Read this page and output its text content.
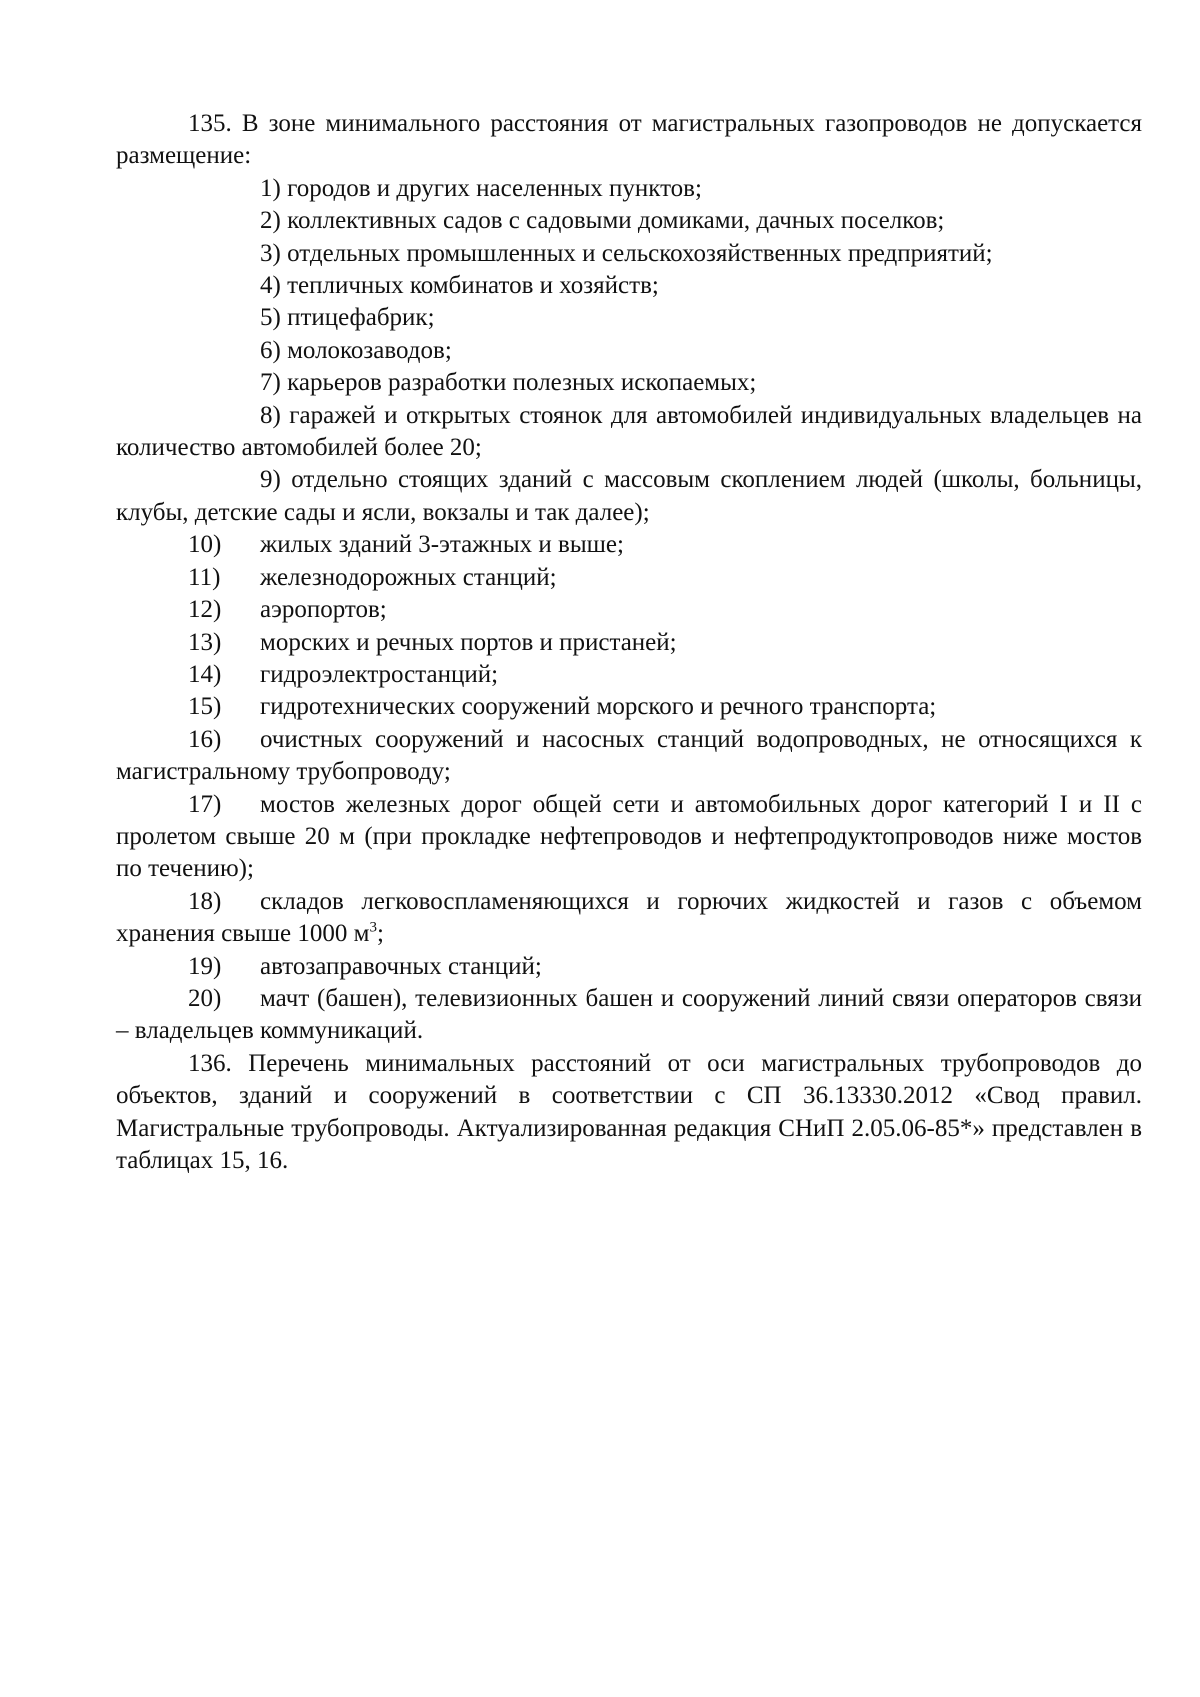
135. В зоне минимального расстояния от магистральных газопроводов не допускается размещение:

1) городов и других населенных пунктов;

2) коллективных садов с садовыми домиками, дачных поселков;

3) отдельных промышленных и сельскохозяйственных предприятий;

4) тепличных комбинатов и хозяйств;

5) птицефабрик;

6) молокозаводов;

7) карьеров разработки полезных ископаемых;

8) гаражей и открытых стоянок для автомобилей индивидуальных владельцев на количество автомобилей более 20;

9) отдельно стоящих зданий с массовым скоплением людей (школы, больницы, клубы, детские сады и ясли, вокзалы и так далее);

10) жилых зданий 3-этажных и выше;

11) железнодорожных станций;

12) аэропортов;

13) морских и речных портов и пристаней;

14) гидроэлектростанций;

15) гидротехнических сооружений морского и речного транспорта;

16) очистных сооружений и насосных станций водопроводных, не относящихся к магистральному трубопроводу;

17) мостов железных дорог общей сети и автомобильных дорог категорий I и II с пролетом свыше 20 м (при прокладке нефтепроводов и нефтепродуктопроводов ниже мостов по течению);

18) складов легковоспламеняющихся и горючих жидкостей и газов с объемом хранения свыше 1000 $м^3$;

19) автозаправочных станций;

20) мачт (башен), телевизионных башен и сооружений линий связи операторов связи – владельцев коммуникаций.

136. Перечень минимальных расстояний от оси магистральных трубопроводов до объектов, зданий и сооружений в соответствии с СП 36.13330.2012 «Свод правил. Магистральные трубопроводы. Актуализированная редакция СНиП 2.05.06-85*» представлен в таблицах 15, 16.
